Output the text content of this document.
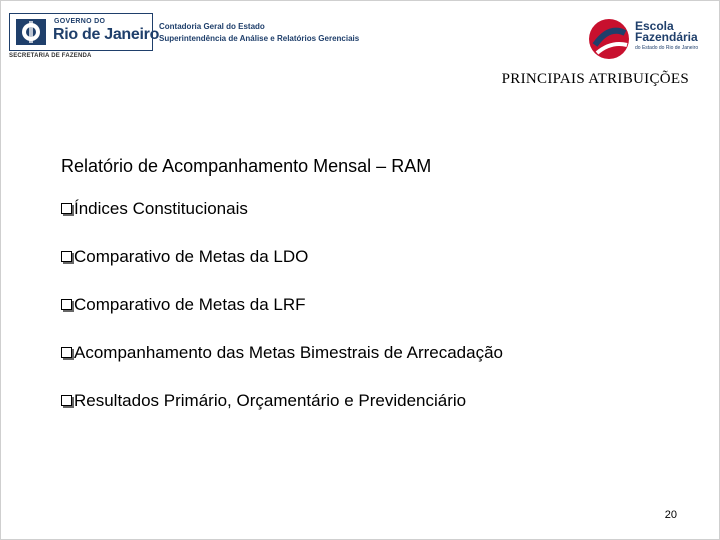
GOVERNO DO
Rio de Janeiro
SECRETARIA DE FAZENDA
Contadoria Geral do Estado
Superintendência de Análise e Relatórios Gerenciais
Escola
Fazendária
do Estado do Rio de Janeiro
PRINCIPAIS ATRIBUIÇÕES
Relatório de Acompanhamento Mensal – RAM
Índices Constitucionais
Comparativo de Metas da LDO
Comparativo de Metas da LRF
Acompanhamento das Metas Bimestrais de Arrecadação
Resultados Primário, Orçamentário e Previdenciário
20
